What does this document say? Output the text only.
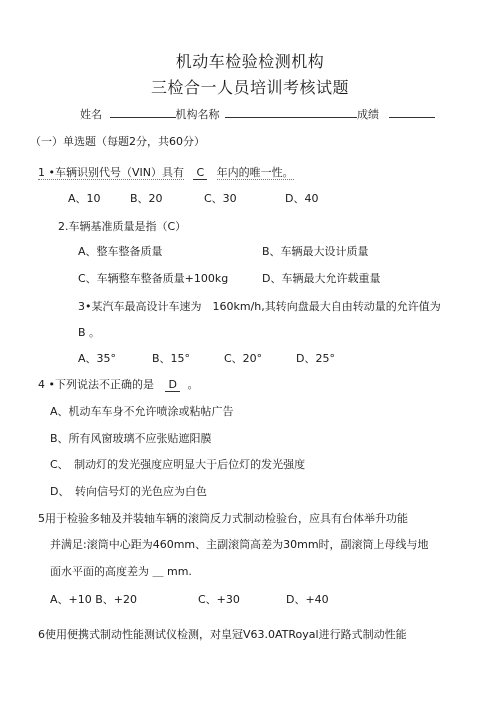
机动车检验检测机构
三检合一人员培训考核试题
姓名	机构名称	成绩
（一）单选题（每题2分，共60分）
1 •车辆识别代号（VIN）具有 C 年内的唯一性。
A、10	B、20	C、30	D、40
2.车辆基准质量是指（C）
A、整车整备质量	B、车辆最大设计质量
C、车辆整车整备质量+100kg	D、车辆最大允许载重量
3•某汽车最高设计车速为　160km/h,其转向盘最大自由转动量的允许值为
B 。
A、35°	B、15°	C、20°	D、25°
4 •下列说法不正确的是 D 。
A、机动车车身不允许喷涂或粘帖广告
B、所有风窗玻璃不应张贴遮阳膜
C、　制动灯的发光强度应明显大于后位灯的发光强度
D、　转向信号灯的光色应为白色
5用于检验多轴及并装轴车辆的滚筒反力式制动检验台，应具有台体举升功能
并满足:滚筒中心距为460mm、主副滚筒高差为30mm时，副滚筒上母线与地
面水平面的高度差为 ＿ mm.
A、+10 B、+20	C、+30	D、+40
6使用便携式制动性能测试仪检测，对皇冠V63.0ATRoyal进行路式制动性能
